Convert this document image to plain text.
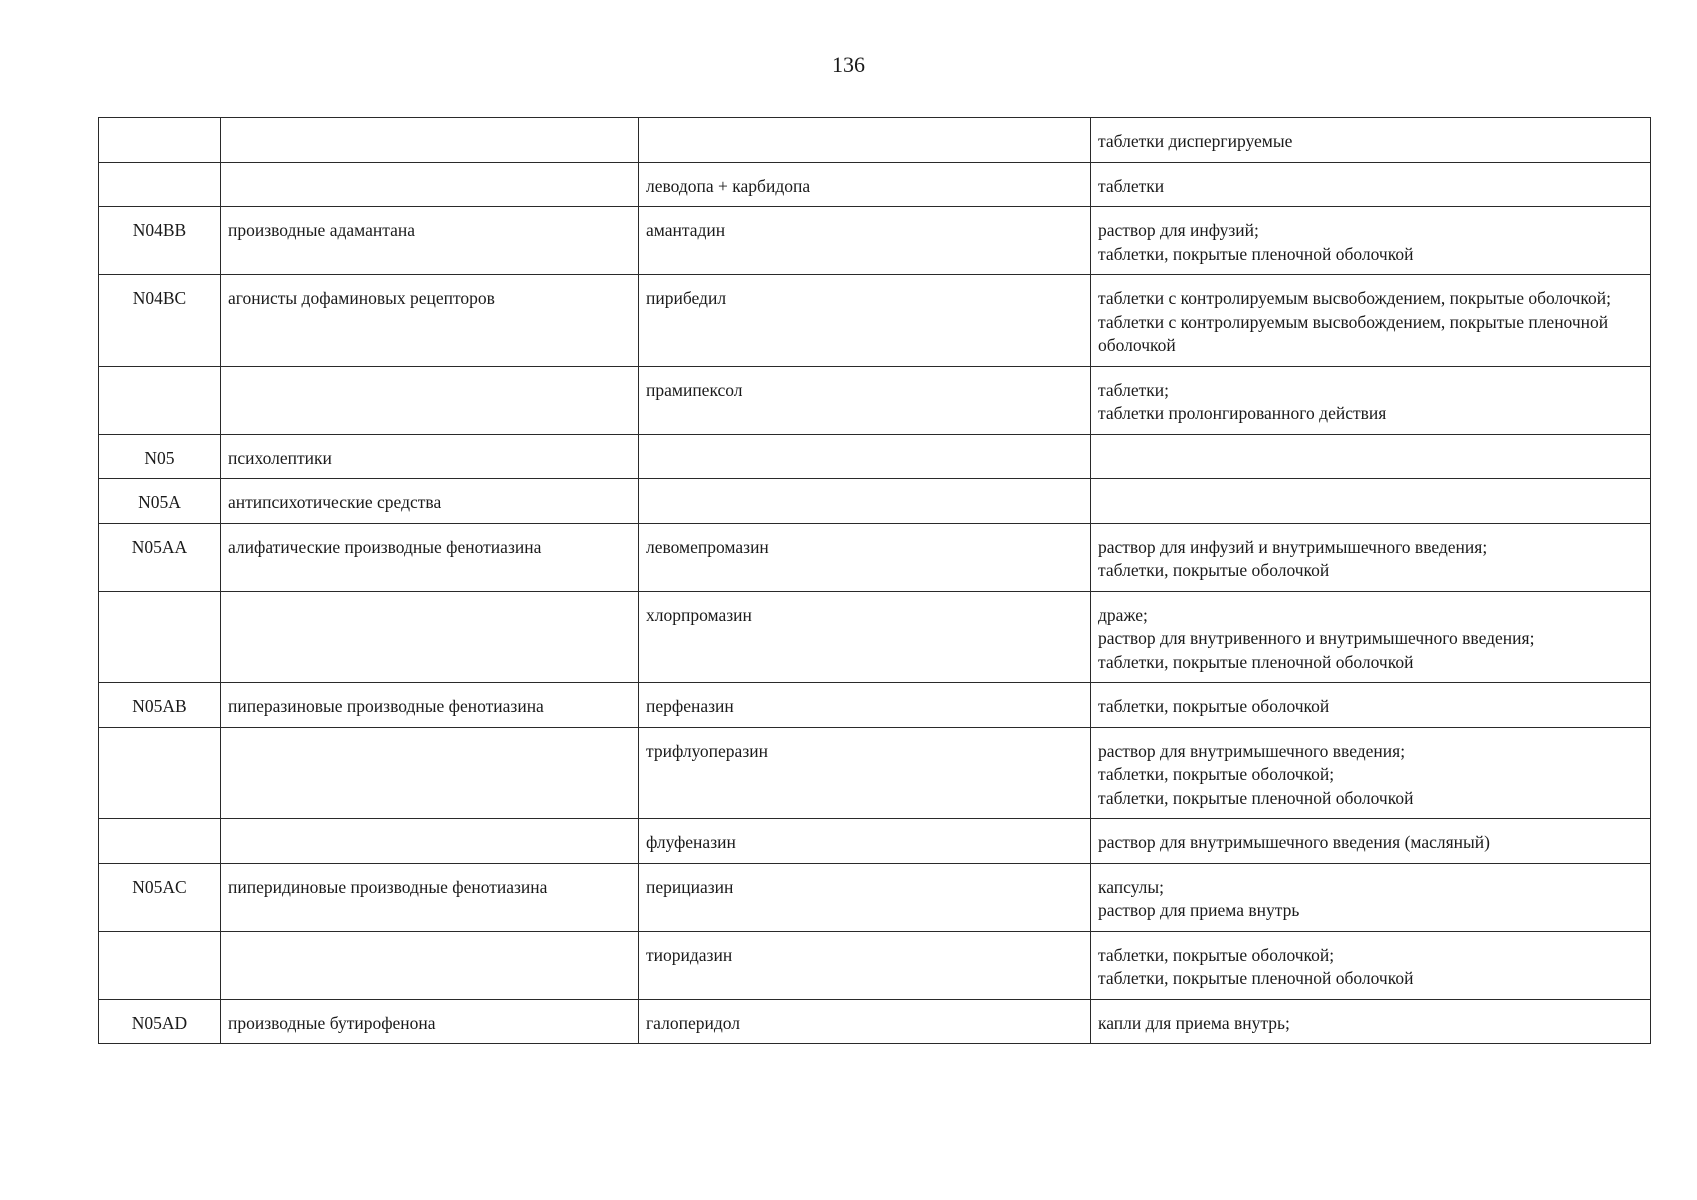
136

			таблетки диспергируемые

		леводопа + карбидопа	таблетки

N04BB	производные адамантана	амантадин	раствор для инфузий;
таблетки, покрытые пленочной оболочкой

N04BC	агонисты дофаминовых рецепторов	пирибедил	таблетки с контролируемым высвобождением, покрытые оболочкой;
таблетки с контролируемым высвобождением, покрытые пленочной оболочкой

		прамипексол	таблетки;
таблетки пролонгированного действия

N05	психолептики		
N05A	антипсихотические средства		
N05AA	алифатические производные фенотиазина	левомепромазин	раствор для инфузий и внутримышечного введения;
таблетки, покрытые оболочкой

		хлорпромазин	драже;
раствор для внутривенного и внутримышечного введения;
таблетки, покрытые пленочной оболочкой

N05AB	пиперазиновые производные фенотиазина	перфеназин	таблетки, покрытые оболочкой

		трифлуоперазин	раствор для внутримышечного введения;
таблетки, покрытые оболочкой;
таблетки, покрытые пленочной оболочкой

		флуфеназин	раствор для внутримышечного введения (масляный)

N05AC	пиперидиновые производные фенотиазина	перициазин	капсулы;
раствор для приема внутрь

		тиоридазин	таблетки, покрытые оболочкой;
таблетки, покрытые пленочной оболочкой

N05AD	производные бутирофенона	галоперидол	капли для приема внутрь;
